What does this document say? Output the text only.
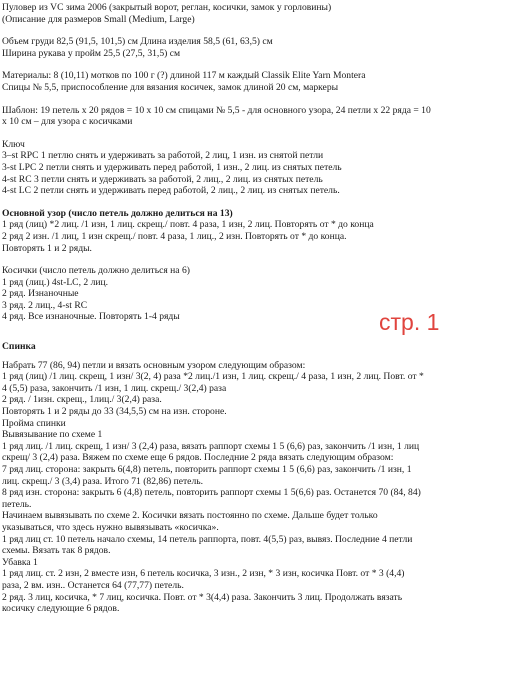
Пуловер из VC зима 2006 (закрытый ворот, реглан, косички, замок у горловины)
(Описание для размеров Small (Medium, Large)
Объем груди 82,5 (91,5, 101,5) см Длина изделия 58,5 (61, 63,5) см
Ширина рукава у пройм 25,5 (27,5, 31,5) см
Материалы: 8 (10,11) мотков по 100 г (?) длиной 117 м каждый Classik Elite Yarn Montera
Спицы № 5,5, приспособление для вязания косичек, замок длиной 20 см, маркеры
Шаблон: 19 петель х 20 рядов = 10 х 10 см спицами № 5,5 - для основного узора, 24 петли х 22 ряда = 10
х 10 см – для узора с косичками
Ключ
3–st RPC 1 петлю снять и удерживать за работой, 2 лиц, 1 изн. из снятой петли
3-st LPC 2 петли снять и удерживать перед работой, 1 изн., 2 лиц. из снятых петель
4-st RC 3 петли снять и удерживать за работой, 2 лиц., 2 лиц. из снятых петель
4-st LC 2 петли снять и удерживать перед работой, 2 лиц., 2 лиц. из снятых петель.
Основной узор (число петель должно делиться на 13)
1 ряд (лиц) *2 лиц. /1 изн, 1 лиц. скрещ./ повт. 4 раза, 1 изн, 2 лиц. Повторять от * до конца
2 ряд 2 изн. /1 лиц, 1 изн скрещ./ повт. 4 раза, 1 лиц., 2 изн. Повторять от * до конца.
Повторять 1 и 2 ряды.
Косички (число петель должно делиться на 6)
1 ряд (лиц.) 4st-LC, 2 лиц.
2 ряд. Изнаночные
3 ряд. 2 лиц., 4-st RC
4 ряд. Все изнаночные. Повторять 1-4 ряды
Спинка
Набрать 77 (86, 94) петли и вязать основным узором следующим образом:
1 ряд (лиц) /1 лиц. скрещ, 1 изн/ 3(2, 4) раза *2 лиц./1 изн, 1 лиц. скрещ./ 4 раза, 1 изн, 2 лиц. Повт. от *
4 (5,5) раза, закончить /1 изн, 1 лиц. скрещ./ 3(2,4) раза
2 ряд. / 1изн. скрещ., 1лиц./ 3(2,4) раза.
Повторять 1 и 2 ряды до 33 (34,5,5) см на изн. стороне.
Пройма спинки
Вывязывание по схеме 1
1 ряд лиц. /1 лиц. скрещ, 1 изн/ 3 (2,4) раза, вязать раппорт схемы 1 5 (6,6) раз, закончить /1 изн, 1 лиц
скрещ/ 3 (2,4) раза. Вяжем по схеме еще 6 рядов. Последние 2 ряда вязать следующим образом:
7 ряд лиц. сторона: закрыть 6(4,8) петель, повторить раппорт схемы 1 5 (6,6) раз, закончить /1 изн, 1
лиц. скрещ./ 3 (3,4) раза. Итого 71 (82,86) петель.
8 ряд изн. сторона: закрыть 6 (4,8) петель, повторить раппорт схемы 1 5(6,6) раз. Останется 70 (84, 84)
петель.
Начинаем вывязывать по схеме 2. Косички вязать постоянно по схеме. Дальше будет только
указываться, что здесь нужно вывязывать «косичка».
1 ряд лиц ст. 10 петель начало схемы, 14 петель раппорта, повт. 4(5,5) раз, вывяз. Последние 4 петли
схемы. Вязать так 8 рядов.
Убавка 1
1 ряд лиц. ст. 2 изн, 2 вместе изн, 6 петель косичка, 3 изн., 2 изн, * 3 изн, косичка Повт. от * 3 (4,4)
раза, 2 вм. изн.. Останется 64 (77,77) петель.
2 ряд. 3 лиц, косичка, * 7 лиц, косичка. Повт. от * 3(4,4) раза. Закончить 3 лиц. Продолжать вязать
косичку следующие 6 рядов.
стр. 1
